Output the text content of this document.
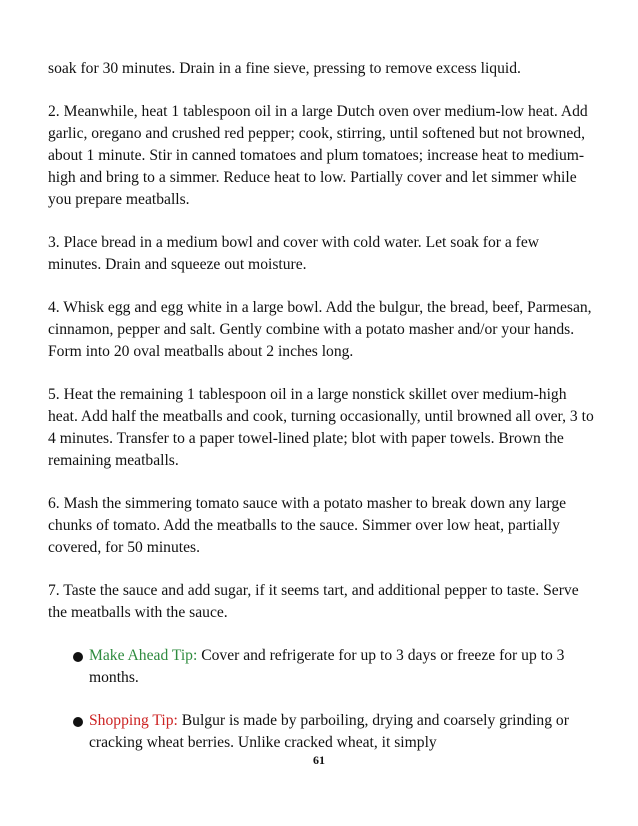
soak for 30 minutes. Drain in a fine sieve, pressing to remove excess liquid.

2. Meanwhile, heat 1 tablespoon oil in a large Dutch oven over medium-low heat. Add garlic, oregano and crushed red pepper; cook, stirring, until softened but not browned, about 1 minute. Stir in canned tomatoes and plum tomatoes; increase heat to medium-high and bring to a simmer. Reduce heat to low. Partially cover and let simmer while you prepare meatballs.

3. Place bread in a medium bowl and cover with cold water. Let soak for a few minutes. Drain and squeeze out moisture.

4. Whisk egg and egg white in a large bowl. Add the bulgur, the bread, beef, Parmesan, cinnamon, pepper and salt. Gently combine with a potato masher and/or your hands. Form into 20 oval meatballs about 2 inches long.

5. Heat the remaining 1 tablespoon oil in a large nonstick skillet over medium-high heat. Add half the meatballs and cook, turning occasionally, until browned all over, 3 to 4 minutes. Transfer to a paper towel-lined plate; blot with paper towels. Brown the remaining meatballs.

6. Mash the simmering tomato sauce with a potato masher to break down any large chunks of tomato. Add the meatballs to the sauce. Simmer over low heat, partially covered, for 50 minutes.

7. Taste the sauce and add sugar, if it seems tart, and additional pepper to taste. Serve the meatballs with the sauce.

Make Ahead Tip: Cover and refrigerate for up to 3 days or freeze for up to 3 months.
Shopping Tip: Bulgur is made by parboiling, drying and coarsely grinding or cracking wheat berries. Unlike cracked wheat, it simply
61
